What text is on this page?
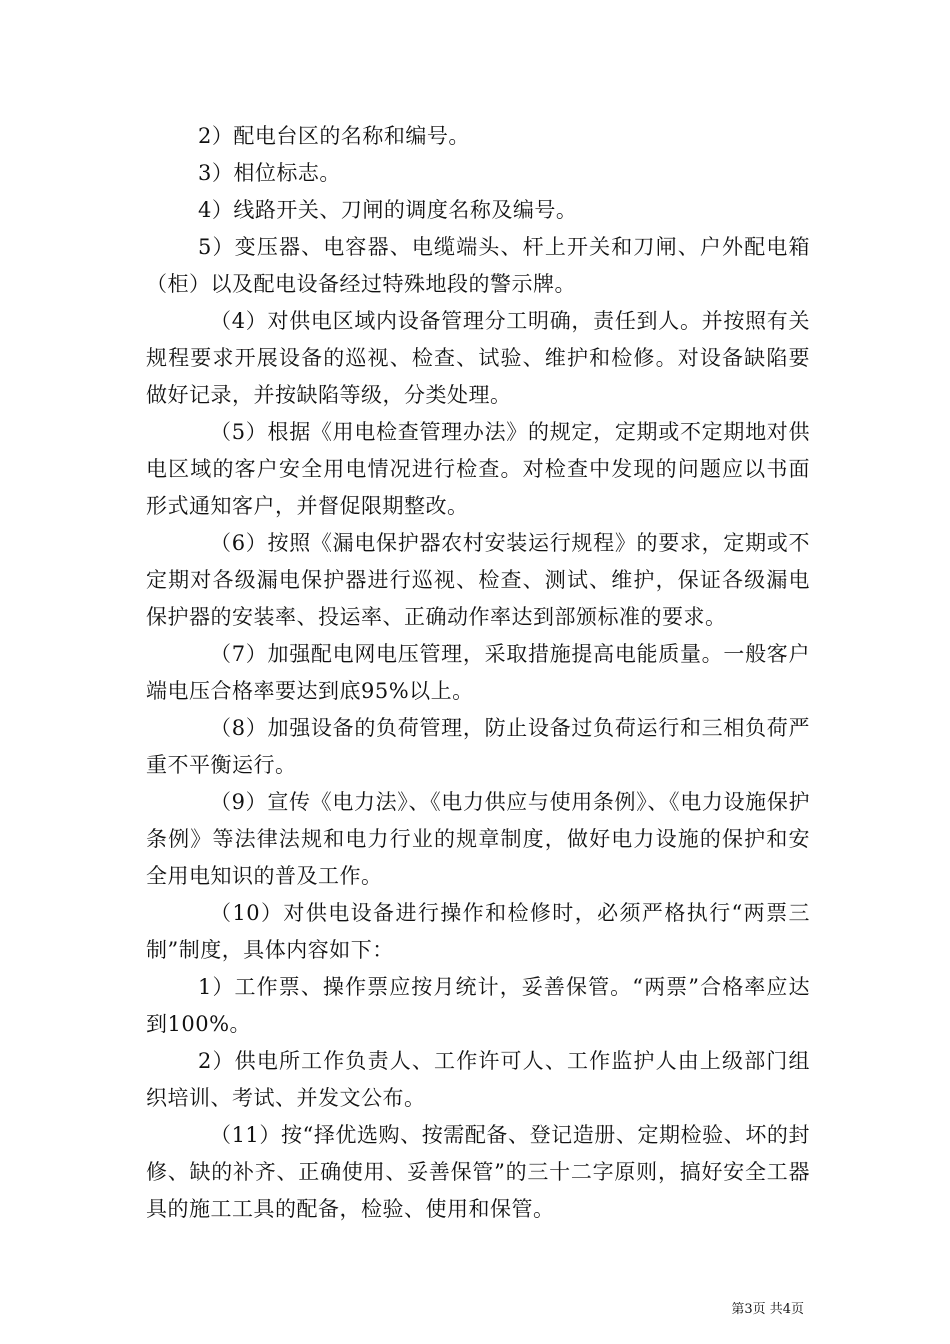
2）配电台区的名称和编号。

3）相位标志。

4）线路开关、刀闸的调度名称及编号。

5）变压器、电容器、电缆端头、杆上开关和刀闸、户外配电箱（柜）以及配电设备经过特殊地段的警示牌。

（4）对供电区域内设备管理分工明确，责任到人。并按照有关规程要求开展设备的巡视、检查、试验、维护和检修。对设备缺陷要做好记录，并按缺陷等级，分类处理。

（5）根据《用电检查管理办法》的规定，定期或不定期地对供电区域的客户安全用电情况进行检查。对检查中发现的问题应以书面形式通知客户，并督促限期整改。

（6）按照《漏电保护器农村安装运行规程》的要求，定期或不定期对各级漏电保护器进行巡视、检查、测试、维护，保证各级漏电保护器的安装率、投运率、正确动作率达到部颁标准的要求。

（7）加强配电网电压管理，采取措施提高电能质量。一般客户端电压合格率要达到底95%以上。

（8）加强设备的负荷管理，防止设备过负荷运行和三相负荷严重不平衡运行。

（9）宣传《电力法》、《电力供应与使用条例》、《电力设施保护条例》等法律法规和电力行业的规章制度，做好电力设施的保护和安全用电知识的普及工作。

（10）对供电设备进行操作和检修时，必须严格执行“两票三制”制度，具体内容如下：

1）工作票、操作票应按月统计，妥善保管。“两票”合格率应达到100%。

2）供电所工作负责人、工作许可人、工作监护人由上级部门组织培训、考试、并发文公布。

（11）按“择优选购、按需配备、登记造册、定期检验、坏的封修、缺的补齐、正确使用、妥善保管”的三十二字原则，搞好安全工器具的施工工具的配备，检验、使用和保管。

第3页 共4页
